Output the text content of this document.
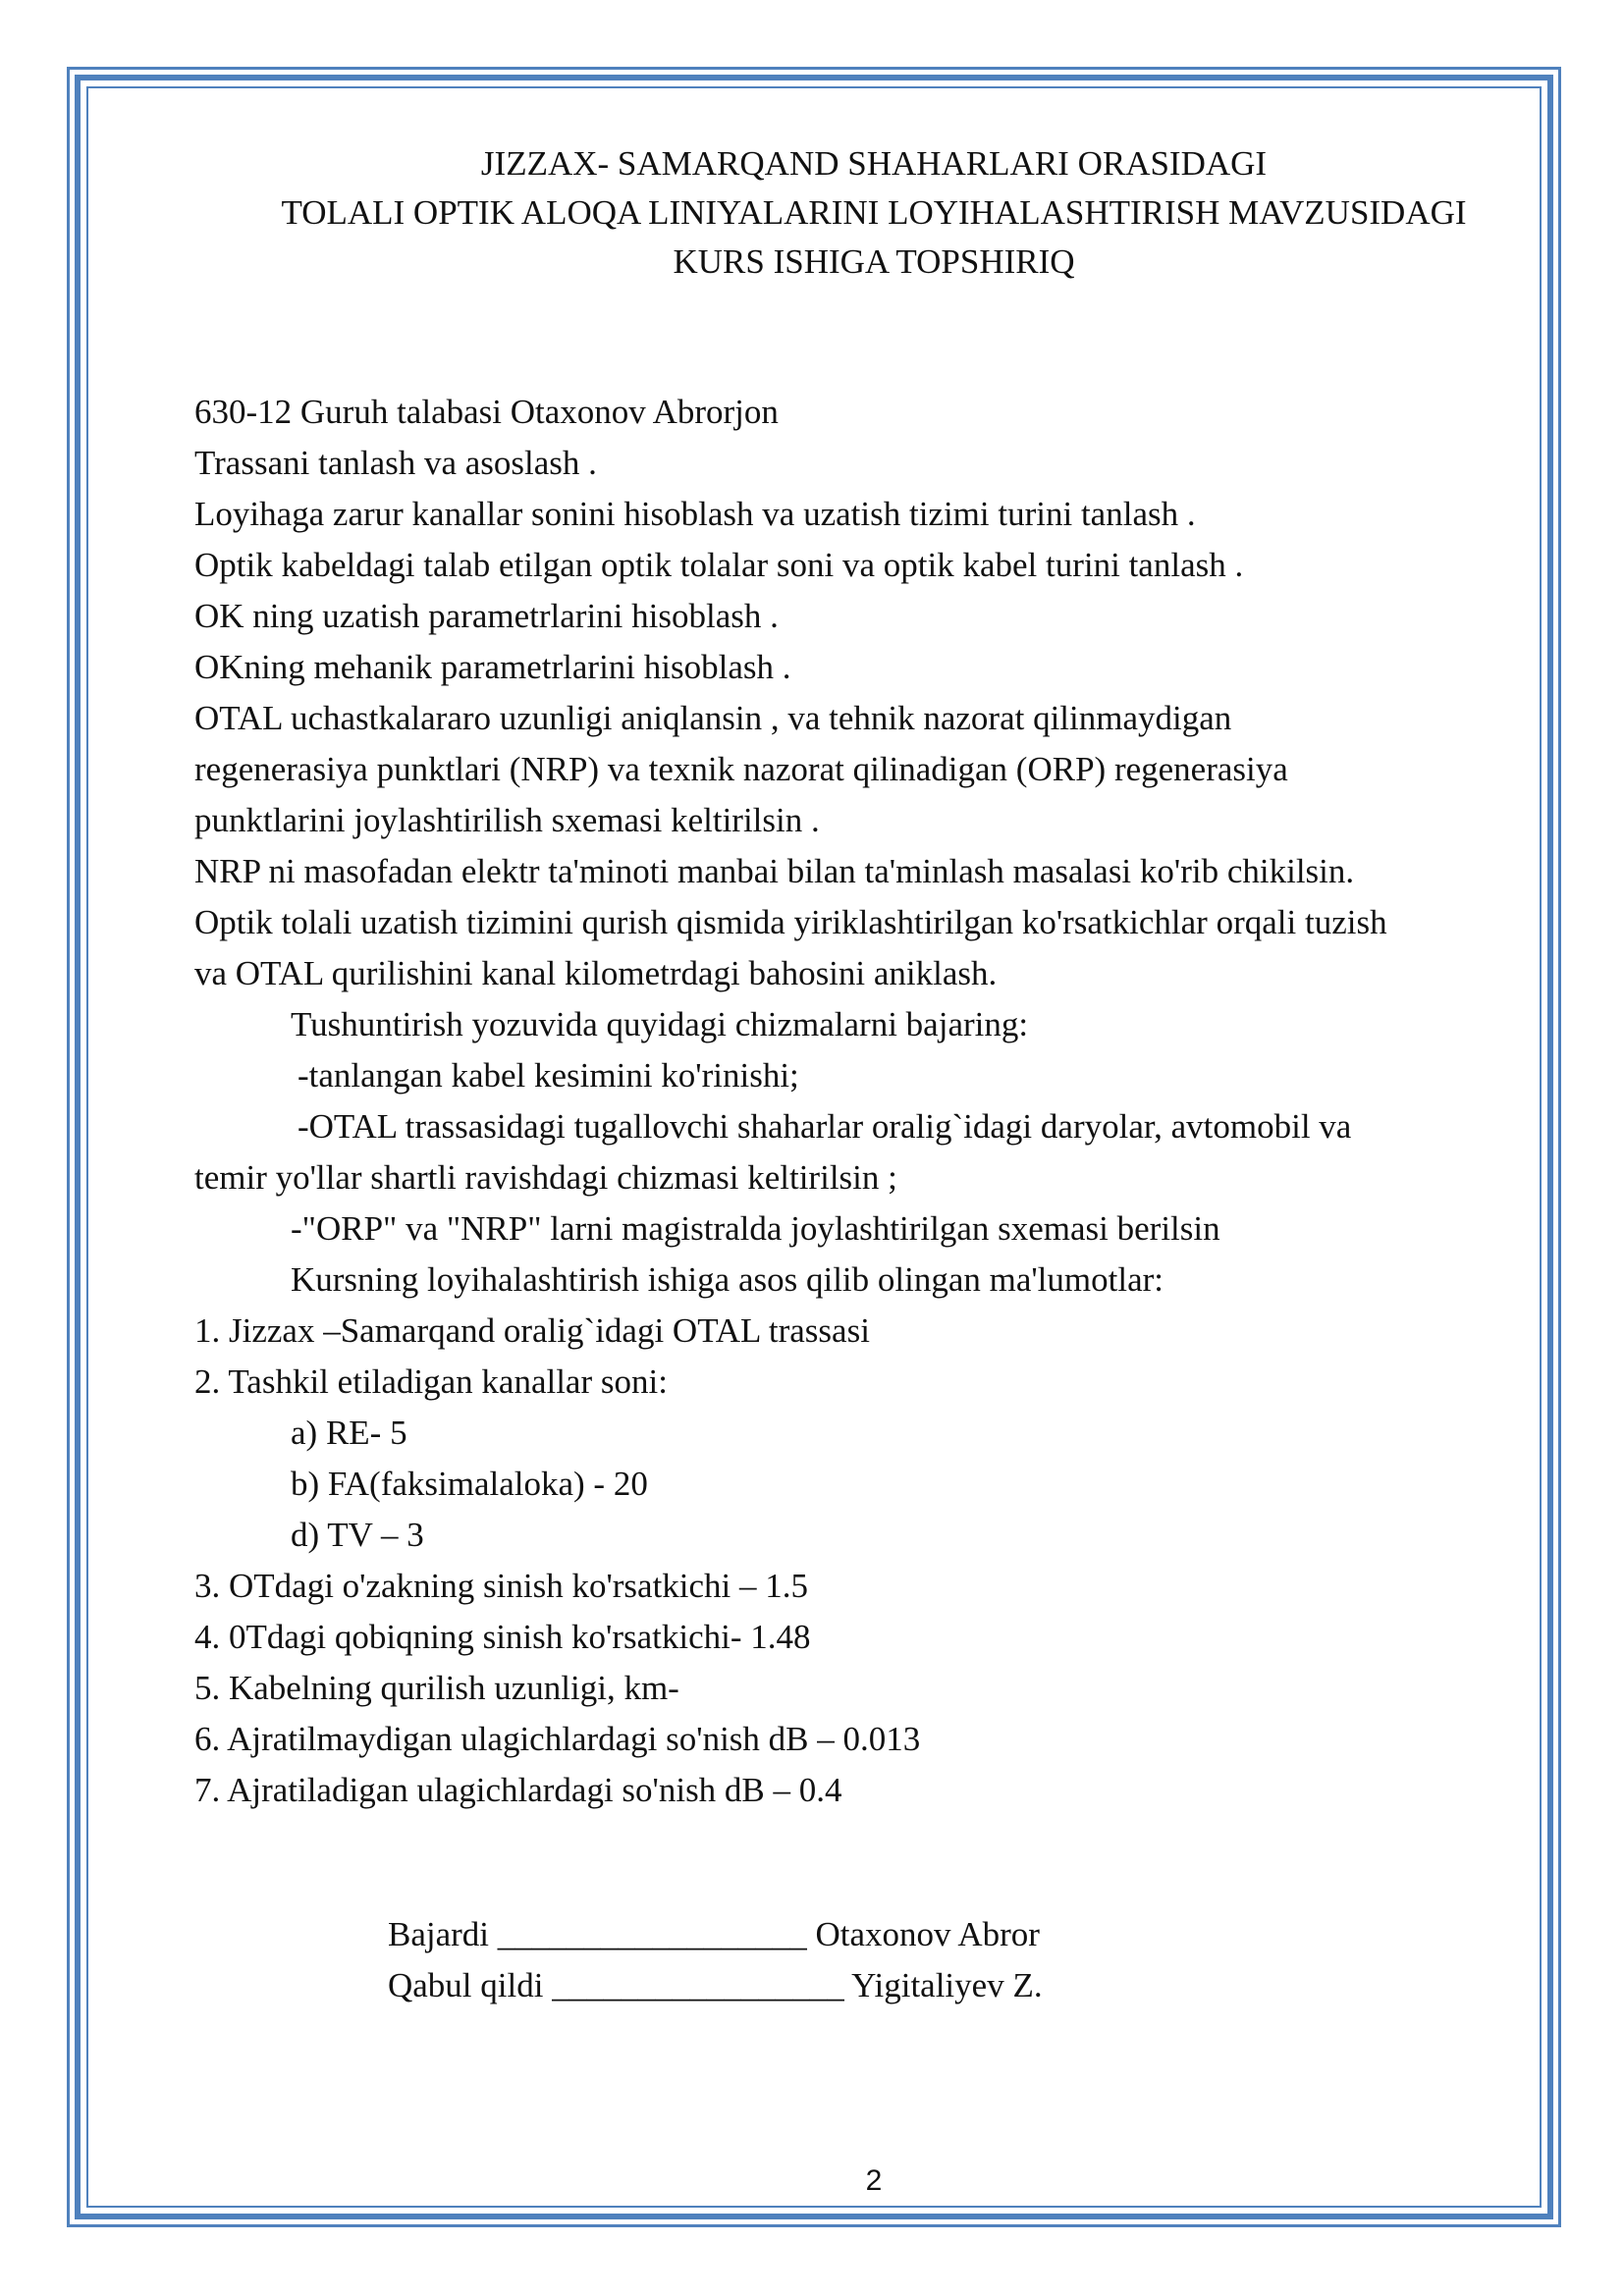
JIZZAX- SAMARQAND SHAHARLARI ORASIDAGI
TOLALI OPTIK ALOQA LINIYALARINI LOYIHALASHTIRISH MAVZUSIDAGI
KURS ISHIGA TOPSHIRIQ
630-12 Guruh talabasi Otaxonov Abrorjon
Trassani tanlash va asoslash .
Loyihaga zarur kanallar sonini hisoblash va uzatish tizimi turini tanlash .
Optik kabeldagi talab etilgan optik tolalar soni va optik kabel turini tanlash .
OK ning uzatish parametrlarini hisoblash .
OKning mehanik parametrlarini hisoblash .
OTAL uchastkalararo uzunligi aniqlansin , va tehnik nazorat qilinmaydigan
regenerasiya punktlari (NRP) va texnik nazorat qilinadigan (ORP) regenerasiya
punktlarini joylashtirilish sxemasi keltirilsin .
NRP ni masofadan elektr ta'minoti manbai bilan ta'minlash masalasi ko'rib chikilsin.
Optik tolali uzatish tizimini qurish qismida yiriklashtirilgan ko'rsatkichlar orqali tuzish
va OTAL qurilishini kanal kilometrdagi bahosini aniklash.
Tushuntirish yozuvida quyidagi chizmalarni bajaring:
-tanlangan kabel kesimini ko'rinishi;
-OTAL trassasidagi tugallovchi shaharlar oralig`idagi daryolar, avtomobil va
temir yo'llar shartli ravishdagi chizmasi keltirilsin ;
-"ORP" va "NRP" larni magistralda joylashtirilgan sxemasi berilsin
Kursning loyihalashtirish ishiga asos qilib olingan ma'lumotlar:
1. Jizzax –Samarqand oralig`idagi OTAL trassasi
2. Tashkil etiladigan kanallar soni:
a) RE- 5
b) FA(faksimalaloka) - 20
d) TV – 3
3. OTdagi o'zakning sinish ko'rsatkichi – 1.5
4. 0Tdagi qobiqning sinish ko'rsatkichi- 1.48
5. Kabelning qurilish uzunligi, km-
6. Ajratilmaydigan ulagichlardagi so'nish dB – 0.013
7. Ajratiladigan ulagichlardagi so'nish dB – 0.4
Bajardi __________________ Otaxonov Abror
Qabul qildi _________________ Yigitaliyev Z.
2
